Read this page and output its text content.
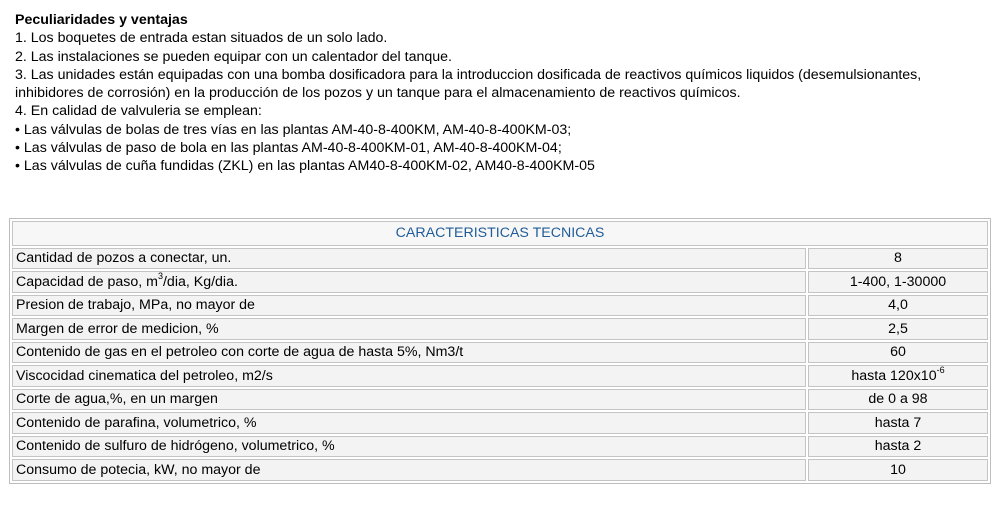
Peculiaridades y ventajas

1. Los boquetes de entrada estan situados de un solo lado.

2. Las instalaciones se pueden equipar con un calentador del tanque.

3. Las unidades están equipadas con una bomba dosificadora para la introduccion dosificada de reactivos químicos liquidos (desemulsionantes,

inhibidores de corrosión) en la producción de los pozos y un tanque para el almacenamiento de reactivos químicos.

4. En calidad de valvuleria se emplean:

• Las válvulas de bolas de tres vías en las plantas AM-40-8-400KM, AM-40-8-400KM-03;

• Las válvulas de paso de bola en las plantas AM-40-8-400KM-01, AM-40-8-400KM-04;

• Las válvulas de cuña fundidas (ZKL) en las plantas AM40-8-400KM-02, AM40-8-400KM-05

CARACTERISTICAS TECNICAS	
Cantidad de pozos a conectar, un.	8
Capacidad de paso, $m^3$/dia, Kg/dia.	1-400, 1-30000
Presion de trabajo, MPa, no mayor de	4,0
Margen de error de medicion, %	2,5
Contenido de gas en el petroleo con corte de agua de hasta 5%, Nm3/t	60
Viscocidad cinematica del petroleo, m2/s	hasta $120x10^{-6}$
Corte de agua,%, en un margen	de 0 a 98
Contenido de parafina, volumetrico, %	hasta 7
Contenido de sulfuro de hidrógeno, volumetrico, %	hasta 2
Consumo de potecia, kW, no mayor de	10
